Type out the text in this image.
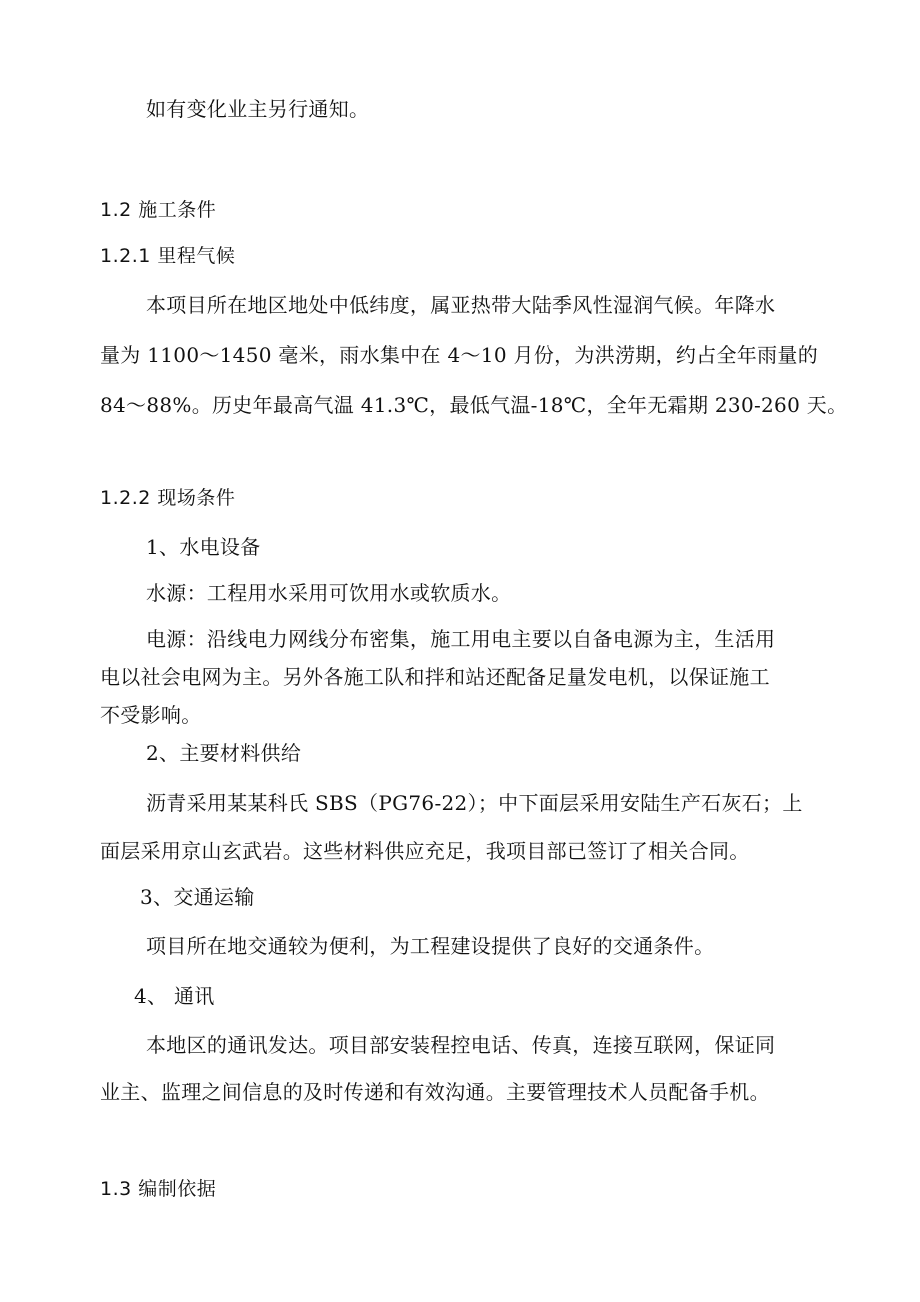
如有变化业主另行通知。
1.2 施工条件
1.2.1 里程气候
本项目所在地区地处中低纬度，属亚热带大陆季风性湿润气候。年降水
量为 1100～1450 毫米，雨水集中在 4～10 月份，为洪涝期，约占全年雨量的
84～88%。历史年最高气温 41.3℃，最低气温-18℃，全年无霜期 230-260 天。
1.2.2 现场条件
1、水电设备
水源：工程用水采用可饮用水或软质水。
电源：沿线电力网线分布密集，施工用电主要以自备电源为主，生活用
电以社会电网为主。另外各施工队和拌和站还配备足量发电机，以保证施工
不受影响。
2、主要材料供给
沥青采用某某科氏 SBS（PG76-22）；中下面层采用安陆生产石灰石；上
面层采用京山玄武岩。这些材料供应充足，我项目部已签订了相关合同。
3、交通运输
项目所在地交通较为便利，为工程建设提供了良好的交通条件。
4、 通讯
本地区的通讯发达。项目部安装程控电话、传真，连接互联网，保证同
业主、监理之间信息的及时传递和有效沟通。主要管理技术人员配备手机。
1.3 编制依据
